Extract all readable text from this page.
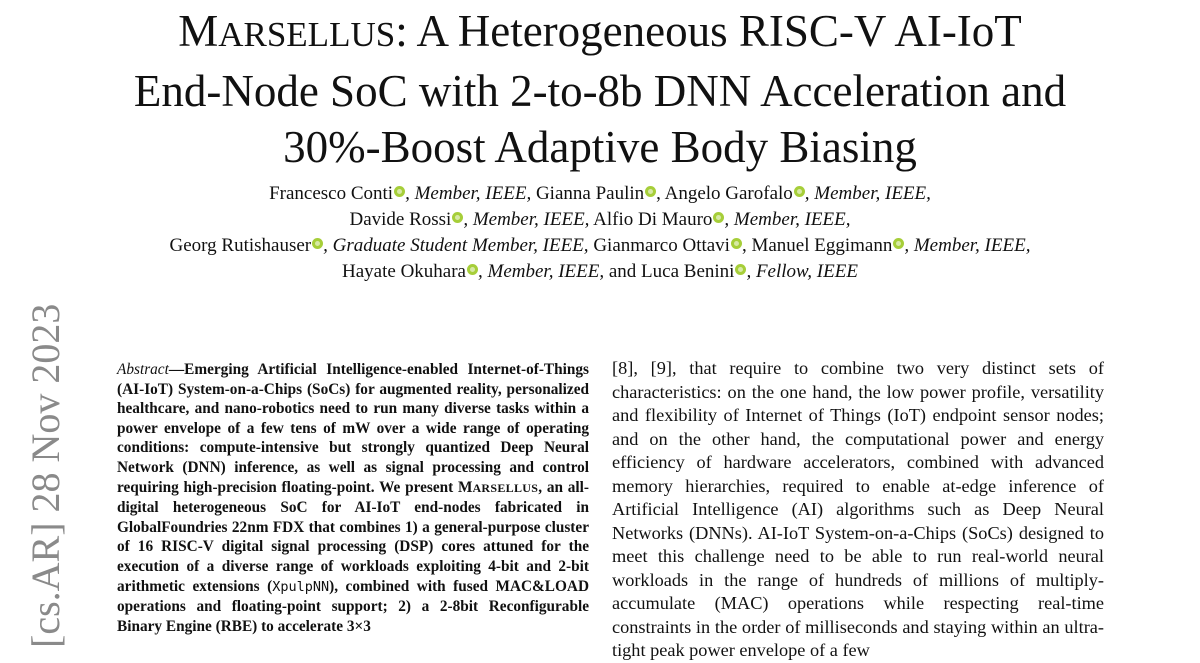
MARSELLUS: A Heterogeneous RISC-V AI-IoT
End-Node SoC with 2-to-8b DNN Acceleration and
30%-Boost Adaptive Body Biasing
Francesco Conti , Member, IEEE, Gianna Paulin , Angelo Garofalo , Member, IEEE,
Davide Rossi , Member, IEEE, Alfio Di Mauro , Member, IEEE,
Georg Rutishauser , Graduate Student Member, IEEE, Gianmarco Ottavi , Manuel Eggimann , Member, IEEE,
Hayate Okuhara , Member, IEEE, and Luca Benini , Fellow, IEEE
[cs.AR] 28 Nov 2023	Abstract—Emerging Artificial Intelligence-enabled Internet-of-Things (AI-IoT) System-on-a-Chips (SoCs) for augmented reality, personalized healthcare, and nano-robotics need to run many diverse tasks within a power envelope of a few tens of mW over a wide range of operating conditions: compute-intensive but strongly quantized Deep Neural Network (DNN) inference, as well as signal processing and control requiring high-precision floating-point. We present MARSELLUS, an all-digital heterogeneous SoC for AI-IoT end-nodes fabricated in GlobalFoundries 22nm FDX that combines 1) a general-purpose cluster of 16 RISC-V digital signal processing (DSP) cores attuned for the execution of a diverse range of workloads exploiting 4-bit and 2-bit arithmetic extensions (XpulpNN), combined with fused MAC&LOAD operations and floating-point support; 2) a 2-8bit Reconfigurable Binary Engine (RBE) to accelerate 3×3
[8], [9], that require to combine two very distinct sets of characteristics: on the one hand, the low power profile, versatility and flexibility of Internet of Things (IoT) endpoint sensor nodes; and on the other hand, the computational power and energy efficiency of hardware accelerators, combined with advanced memory hierarchies, required to enable at-edge inference of Artificial Intelligence (AI) algorithms such as Deep Neural Networks (DNNs). AI-IoT System-on-a-Chips (SoCs) designed to meet this challenge need to be able to run real-world neural workloads in the range of hundreds of millions of multiply-accumulate (MAC) operations while respecting real-time constraints in the order of milliseconds and staying within an ultra-tight peak power envelope of a few
